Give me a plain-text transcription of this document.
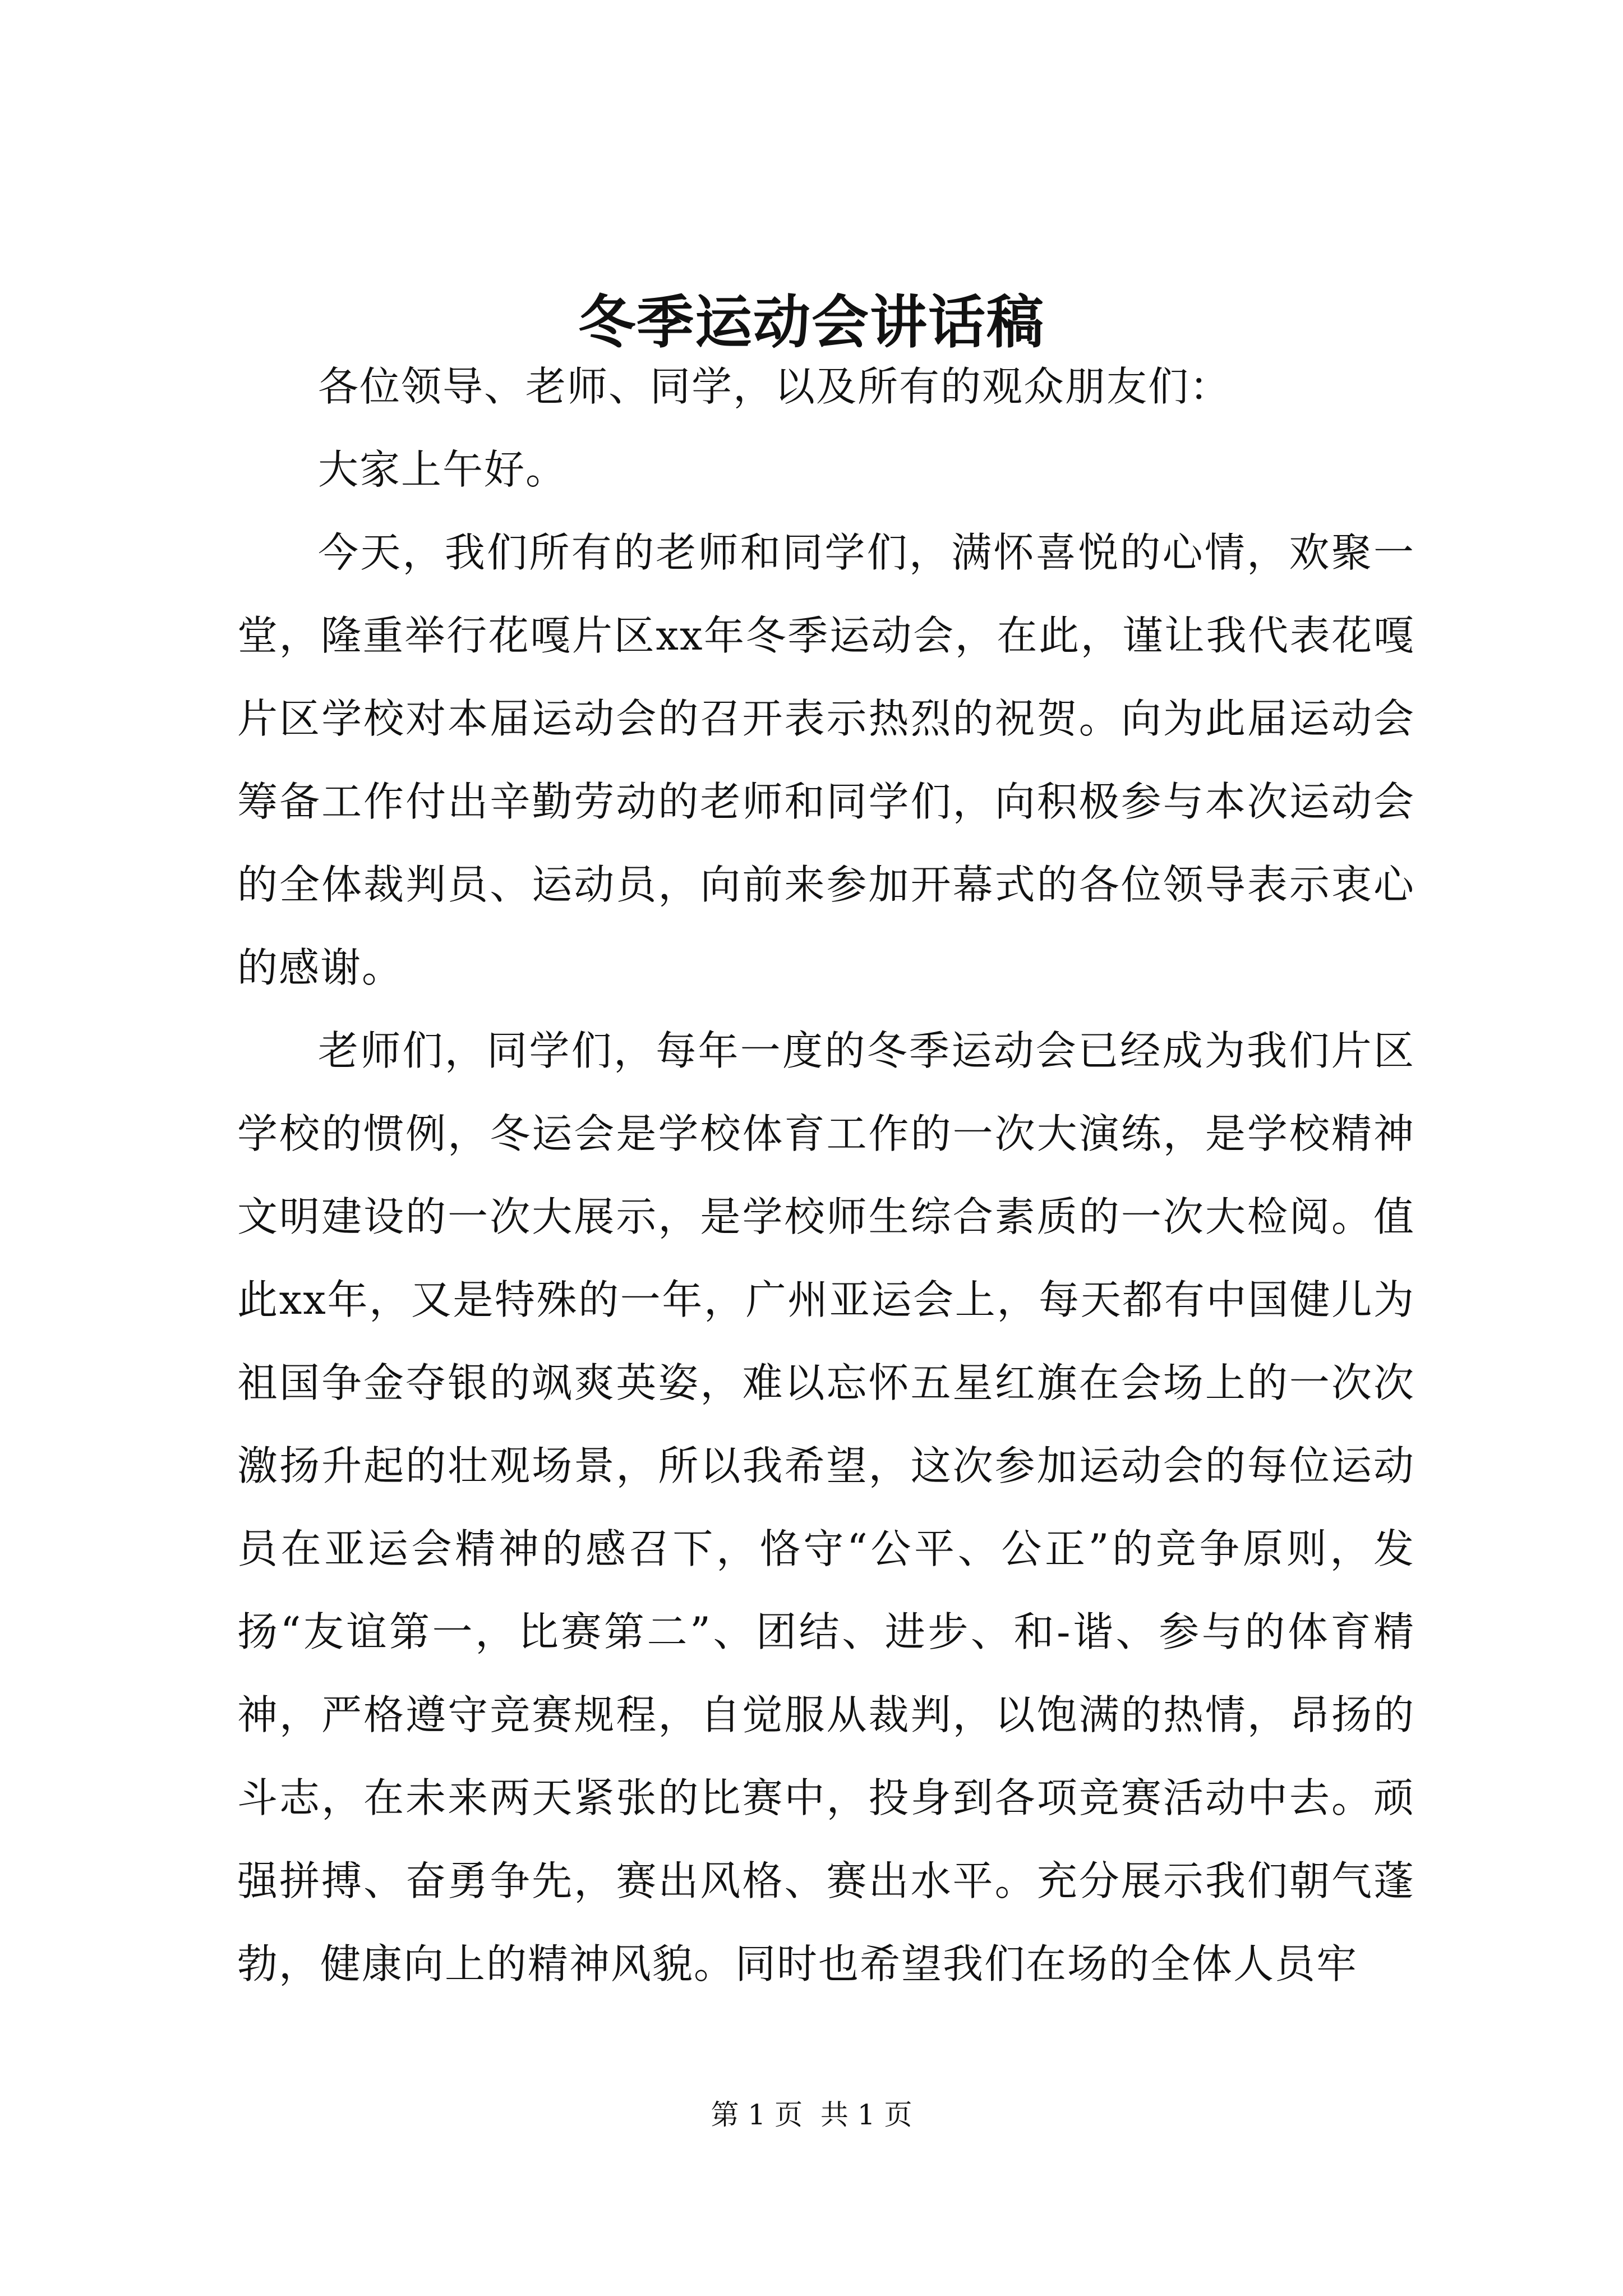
冬季运动会讲话稿

各位领导、老师、同学，以及所有的观众朋友们：

大家上午好。

今天，我们所有的老师和同学们，满怀喜悦的心情，欢聚一堂，隆重举行花嘎片区xx年冬季运动会，在此，谨让我代表花嘎片区学校对本届运动会的召开表示热烈的祝贺。向为此届运动会筹备工作付出辛勤劳动的老师和同学们，向积极参与本次运动会的全体裁判员、运动员，向前来参加开幕式的各位领导表示衷心的感谢。

老师们，同学们，每年一度的冬季运动会已经成为我们片区学校的惯例，冬运会是学校体育工作的一次大演练，是学校精神文明建设的一次大展示，是学校师生综合素质的一次大检阅。值此xx年，又是特殊的一年，广州亚运会上，每天都有中国健儿为祖国争金夺银的飒爽英姿，难以忘怀五星红旗在会场上的一次次激扬升起的壮观场景，所以我希望，这次参加运动会的每位运动员在亚运会精神的感召下，恪守“公平、公正”的竞争原则，发扬“友谊第一，比赛第二”、团结、进步、和-谐、参与的体育精神，严格遵守竞赛规程，自觉服从裁判，以饱满的热情，昂扬的斗志，在未来两天紧张的比赛中，投身到各项竞赛活动中去。顽强拼搏、奋勇争先，赛出风格、赛出水平。充分展示我们朝气蓬勃，健康向上的精神风貌。同时也希望我们在场的全体人员牢

第 1 页  共 1 页
